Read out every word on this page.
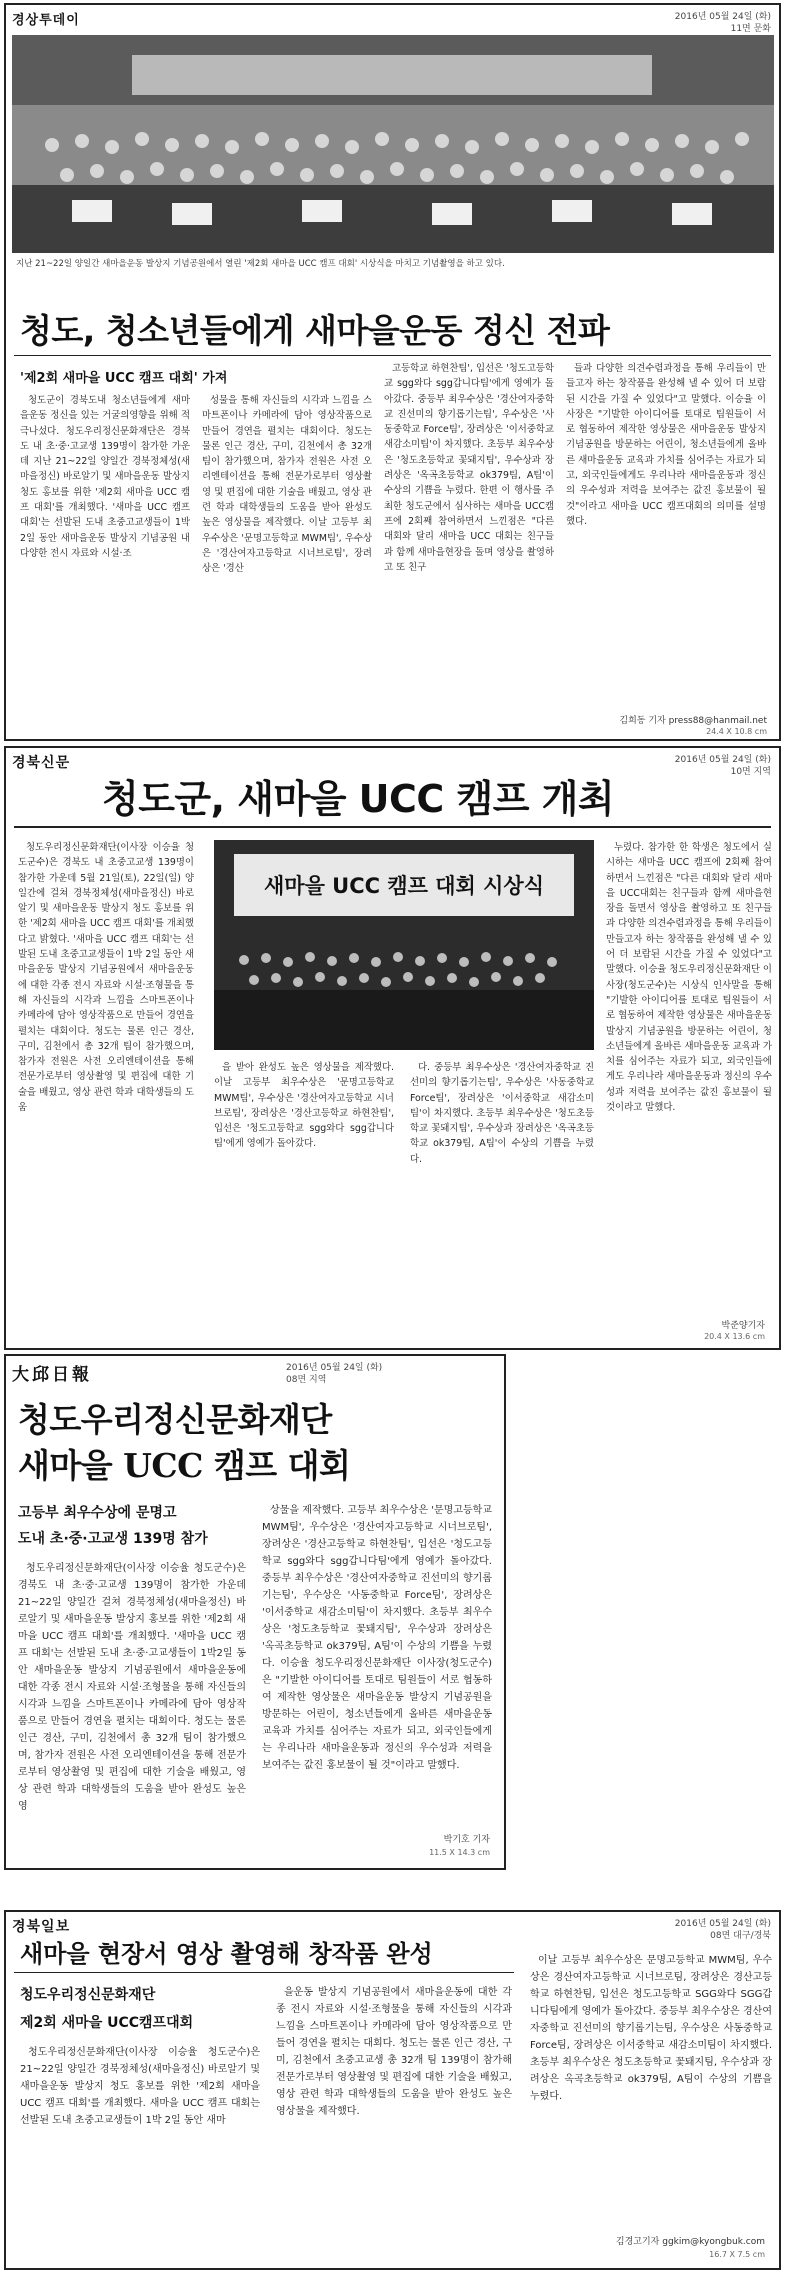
경상투데이	2016년 05월 24일 (화)
11면 문화
지난 21~22일 양일간 새마을운동 발상지 기념공원에서 열린 '제2회 새마을 UCC 캠프 대회' 시상식을 마치고 기념촬영을 하고 있다.
청도, 청소년들에게 새마을운동 정신 전파
'제2회 새마을 UCC 캠프 대회' 가져

청도군이 경북도내 청소년들에게 새마을운동 정신을 있는 거굴의영향을 위해 적극나섰다. 청도우리정신문화재단은 경북도 내 초·중·고교생 139명이 참가한 가운데 지난 21~22일 양일간 경북정체성(새마을정신) 바로알기 및 새마을운동 발상지 청도 홍보를 위한 '제2회 새마을 UCC 캠프 대회'를 개최했다. '새마을 UCC 캠프 대회'는 선발된 도내 초중고교생들이 1박 2일 동안 새마을운동 발상지 기념공원 내 다양한 전시 자료와 시설·조

성물을 통해 자신들의 시각과 느낌을 스마트폰이나 카메라에 담아 영상작품으로 만들어 경연을 펼치는 대회이다. 청도는 물론 인근 경산, 구미, 김천에서 총 32개 팀이 참가했으며, 참가자 전원은 사전 오리엔테이션을 통해 전문가로부터 영상촬영 및 편집에 대한 기술을 배웠고, 영상 관련 학과 대학생들의 도움을 받아 완성도 높은 영상물을 제작했다. 이날 고등부 최우수상은 '문명고등학교 MWM팀', 우수상은 '경산여자고등학교 시너브로팀', 장려상은 '경산

고등학교 하현찬팀', 입선은 '청도고등학교 sgg와다 sgg갑니다팀'에게 영예가 돌아갔다. 중등부 최우수상은 '경산여자중학교 진선미의 향기롭기는팀', 우수상은 '사동중학교 Force팀', 장려상은 '이서중학교 새감소미팀'이 차지했다. 초등부 최우수상은 '청도초등학교 꽃돼지팀', 우수상과 장려상은 '옥곡초등학교 ok379팀, A팀'이 수상의 기쁨을 누렸다. 한편 이 행사를 주최한 청도군에서 심사하는 새마을 UCC캠프에 2회째 참여하면서 느낀점은 "다른 대회와 달리 새마을 UCC 대회는 친구들과 함께 새마을현장을 돌며 영상을 촬영하고 또 친구

들과 다양한 의견수렴과정을 통해 우리들이 만들고자 하는 창작품을 완성해 낼 수 있어 더 보람된 시간을 가질 수 있었다"고 말했다. 이승율 이사장은 "기발한 아이디어를 토대로 팀원들이 서로 협동하여 제작한 영상물은 새마을운동 발상지 기념공원을 방문하는 어린이, 청소년들에게 올바른 새마을운동 교육과 가치를 심어주는 자료가 되고, 외국인들에게도 우리나라 새마을운동과 정신의 우수성과 저력을 보여주는 값진 홍보물이 될 것"이라고 새마을 UCC 캠프대회의 의미를 설명했다.

김희동 기자 press88@hanmail.net
24.4 X 10.8 cm
경북신문	2016년 05월 24일 (화)
10면 지역
청도군, 새마을 UCC 캠프 개최

청도우리정신문화재단(이사장 이승율 청도군수)은 경북도 내 초중고교생 139명이 참가한 가운데 5월 21일(토), 22일(일) 양일간에 걸쳐 경북정체성(새마을정신) 바로알기 및 새마을운동 발상지 청도 홍보를 위한 '제2회 새마을 UCC 캠프 대회'를 개최했다고 밝혔다. '새마을 UCC 캠프 대회'는 선발된 도내 초중고교생들이 1박 2일 동안 새마을운동 발상지 기념공원에서 새마을운동에 대한 각종 전시 자료와 시설·조형물을 통해 자신들의 시각과 느낌을 스마트폰이나 카메라에 담아 영상작품으로 만들어 경연을 펼치는 대회이다. 청도는 물론 인근 경산, 구미, 김천에서 총 32개 팀이 참가했으며, 참가자 전원은 사전 오리엔테이션을 통해 전문가로부터 영상촬영 및 편집에 대한 기술을 배웠고, 영상 관련 학과 대학생들의 도움

새마을 UCC 캠프 대회 시상식

을 받아 완성도 높은 영상물을 제작했다. 이날 고등부 최우수상은 '문명고등학교 MWM팀', 우수상은 '경산여자고등학교 시너브로팀', 장려상은 '경산고등학교 하현찬팀', 입선은 '청도고등학교 sgg와다 sgg갑니다팀'에게 영예가 돌아갔다.

다. 중등부 최우수상은 '경산여자중학교 진선미의 향기롭기는팀', 우수상은 '사동중학교 Force팀', 장려상은 '이서중학교 새감소미팀'이 차지했다. 초등부 최우수상은 '청도초등학교 꽃돼지팀', 우수상과 장려상은 '옥곡초등학교 ok379팀, A팀'이 수상의 기쁨을 누렸다.

누렸다. 참가한 한 학생은 청도에서 실시하는 새마을 UCC 캠프에 2회째 참여하면서 느낀점은 "다른 대회와 달리 새마을 UCC대회는 친구들과 함께 새마을현장을 돌면서 영상을 촬영하고 또 친구들과 다양한 의견수렴과정을 통해 우리들이 만들고자 하는 창작품을 완성해 낼 수 있어 더 보람된 시간을 가질 수 있었다"고 말했다. 이승율 청도우리정신문화재단 이사장(청도군수)는 시상식 인사말을 통해 "기발한 아이디어를 토대로 팀원들이 서로 협동하여 제작한 영상물은 새마을운동 발상지 기념공원을 방문하는 어린이, 청소년들에게 올바른 새마을운동 교육과 가치를 심어주는 자료가 되고, 외국인들에게도 우리나라 새마을운동과 정신의 우수성과 저력을 보여주는 값진 홍보물이 될 것이라고 말했다.

박준양기자
20.4 X 13.6 cm
大邱日報	2016년 05월 24일 (화)
08면 지역
청도우리정신문화재단
새마을 UCC 캠프 대회
고등부 최우수상에 문명고
도내 초·중·고교생 139명 참가

청도우리정신문화재단(이사장 이승율 청도군수)은 경북도 내 초·중·고교생 139명이 참가한 가운데 21~22일 양일간 걸쳐 경북정체성(새마을정신) 바로알기 및 새마을운동 발상지 홍보를 위한 '제2회 새마을 UCC 캠프 대회'를 개최했다. '새마을 UCC 캠프 대회'는 선발된 도내 초·중·고교생들이 1박2일 동안 새마을운동 발상지 기념공원에서 새마을운동에 대한 각종 전시 자료와 시설·조형물을 통해 자신들의 시각과 느낌을 스마트폰이나 카메라에 담아 영상작품으로 만들어 경연을 펼치는 대회이다. 청도는 물론 인근 경산, 구미, 김천에서 총 32개 팀이 참가했으며, 참가자 전원은 사전 오리엔테이션을 통해 전문가로부터 영상촬영 및 편집에 대한 기술을 배웠고, 영상 관련 학과 대학생들의 도움을 받아 완성도 높은 영

상물을 제작했다. 고등부 최우수상은 '문명고등학교 MWM팀', 우수상은 '경산여자고등학교 시너브로팀', 장려상은 '경산고등학교 하현찬팀', 입선은 '청도고등학교 sgg와다 sgg갑니다팀'에게 영예가 돌아갔다. 중등부 최우수상은 '경산여자중학교 진선미의 향기롭기는팀', 우수상은 '사동중학교 Force팀', 장려상은 '이서중학교 새감소미팀'이 차지했다. 초등부 최우수상은 '청도초등학교 꽃돼지팀', 우수상과 장려상은 '옥곡초등학교 ok379팀, A팀'이 수상의 기쁨을 누렸다. 이승율 청도우리정신문화재단 이사장(청도군수)은 "기발한 아이디어를 토대로 팀원들이 서로 협동하여 제작한 영상물은 새마을운동 발상지 기념공원을 방문하는 어린이, 청소년들에게 올바른 새마을운동 교육과 가치를 심어주는 자료가 되고, 외국인들에게는 우리나라 새마을운동과 정신의 우수성과 저력을 보여주는 값진 홍보물이 될 것"이라고 말했다.

박기호 기자
11.5 X 14.3 cm
경북일보	2016년 05월 24일 (화)
08면 대구/경북
새마을 현장서 영상 촬영해 창작품 완성
청도우리정신문화재단
제2회 새마을 UCC캠프대회

청도우리정신문화재단(이사장 이승율 청도군수)은 21~22일 양일간 경북정체성(새마을정신) 바로알기 및 새마을운동 발상지 청도 홍보를 위한 '제2회 새마을 UCC 캠프 대회'를 개최했다. 새마을 UCC 캠프 대회는 선발된 도내 초중고교생들이 1박 2일 동안 새마

을운동 발상지 기념공원에서 새마을운동에 대한 각종 전시 자료와 시설·조형물을 통해 자신들의 시각과 느낌을 스마트폰이나 카메라에 담아 영상작품으로 만들어 경연을 펼치는 대회다. 청도는 물론 인근 경산, 구미, 김천에서 초중고교생 총 32개 팀 139명이 참가해 전문가로부터 영상촬영 및 편집에 대한 기술을 배웠고, 영상 관련 학과 대학생들의 도움을 받아 완성도 높은 영상물을 제작했다.

이날 고등부 최우수상은 문명고등학교 MWM팀, 우수상은 경산여자고등학교 시너브로팀, 장려상은 경산고등학교 하현찬팀, 입선은 청도고등학교 SGG와다 SGG갑니다팀에게 영예가 돌아갔다. 중등부 최우수상은 경산여자중학교 진선미의 향기롭기는팀, 우수상은 사동중학교 Force팀, 장려상은 이서중학교 새감소미팀이 차지했다. 초등부 최우수상은 청도초등학교 꽃돼지팀, 우수상과 장려상은 옥곡초등학교 ok379팀, A팀이 수상의 기쁨을 누렸다.

김경고기자 ggkim@kyongbuk.com
16.7 X 7.5 cm
